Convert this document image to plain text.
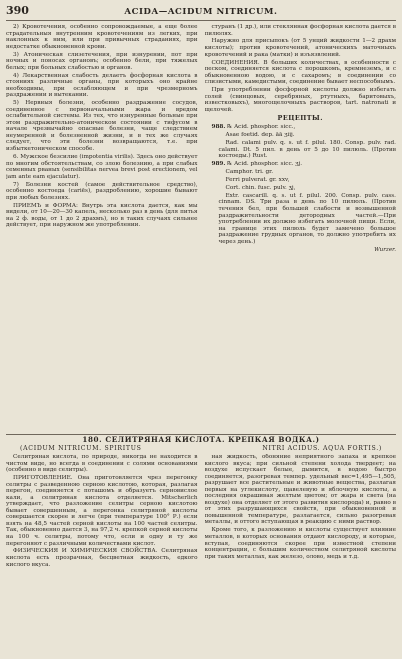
390	ACIDA—ACIDUM NITRICUM.

2) Кровотечения, особенно сопровождаемые, а еще более страдательныя внутренним кровотечениям из легких, при наклонных к ним, или при привычных страданиях, при недостатке обыкновенной крови.

3) Атоническая слизетечения, при изнурении, пот при ночных и поносах органовъ; особенно бели, при тяжелых белых; при больных слабостью и органов.

4) Лекарственная слабость делаетъ фосфорная кислота в стояниях различные органы, при которыхъ оно крайне необходимы, при ослабляющем и при чрезмерномъ раздражении и вытекании.

5) Нервныя болезни, особенно раздражение сосудов, соединенное с первоначальными жара и вредом ослабительной системы. Из тех, что изнуренные больные при этом раздражительно-атоническом состоянии с тифусом в начале чрезвычайно опасные болезни, чаще следствием неумеренной и болезненной жизни, и в тех же случаях следует, что эти болезни возвращаются, т.е. при избыткетоническом способе.

6. Мужское безсилие (impotentia virilis). Здесь оно действует по многим обстоятельствам, со злою болезнию, а при слабых семенных рваных (sensibilitas nervea brevi post erectionem, vel jam ante eam ejaculatur).

7) Болезни костей (самое действительное средство), особенно костоеда (cariēs), раздроблению, хорошие бывают при любых болезнях.

ПРИЕМЪ и ФОРМА: Внутрь эта кислота дается, как мы видели, от 10—20—30 капель, несколько раз в день (для питья на 2 ф. воды, от 1 до 2 драхмъ), но в таких случаях сильнее действует, при наружном же употреблении.

стуранъ (1 др.), или стеклянная фосфорная кислота дается в пилюлях.

Наружно для присыпокъ (от 5 унций жидкости 1—2 драхм кислоты); против кровотечений, атоническихъ маточныхъ кровотечений и рака (матки) и изъязвлений.

СОЕДИНЕНИЯ. В больших количествах, в особенности с песком, соединяется кислота с порошкомъ, кремнеземъ, и с обыкновенною водою, и с сахаромъ; в соединении со слизистыми, камедистыми, соединение бывает неспособнымъ.

При употреблении фосфорной кислоты должно избегать солей (свинцовых, серебряных, ртутныхъ, баритовыхъ, известковыхъ), многощелочныхъ растворов, tart. natronati и щелочей.

РЕЦЕПТЫ.

988. ℞ Acid. phosphor. sicc.,

Asae foetid. dep. āā ʒiij.

Rad. calami pulv. q. s. ut f. pilul. 180. Consp. pulv. rad. calami. Dt. 5 пил. в день от 5 до 10 пилюль. (Против костоеды.) Rust.

989. ℞ Acid. phosphor. sicc. ʒj.

Camphor. tri. gr.

Ferri pulverat. gr. xxv,

Cort. chin. fusc. pulv. ʒj,

Extr. cascarill. q. s. ut f. pilul. 200. Consp. pulv. cass. cinnam. DS. Три раза в день по 10 пилюль. (Против течения бел, при большей слабости и возвышенной раздражительности детородных частей.—При употреблении их должно избегать молочной пищи. Если, на границе этих пилюль будет замечено большое раздражение грудных органов, то должно употребить их через день.)

Wurzer.
180. СЕЛИТРЯНАЯ КИСЛОТА. КРЕПКАЯ ВОДКА.)
(ACIDUM NITRICUM. SPIRITUS	NITRI ACIDUS. AQUA FORTIS.)

Селитряная кислота, по природе, никогда не находится в чистом виде, но всегда в соединении с солями основаниями (особенно в виде селитры).

ПРИГОТОВЛЕНИЕ. Она приготовляется чрез перегонку селитры с разведенною серною кислотою, которая, разлагая перегон, соединяется с поташомъ и образуетъ серновислое кали, а селитряная кислота отделяется. Mitscherlich утверждает, что разложение селитры серною кислотою бывает совершенным, а перегонка селитряной кислоты совершается скорее и легче (при температуре 100° Р.) если взять на 48,5 частей серной кислоты на 100 частей селитры. Так, обыкновенно дается 3, на 97,2 ч. крепкой серной кислоты на 100 ч. селитры, потому что, если и одну и ту же перегоняют с различными количествами кислот.

ФИЗИЧЕСКИЯ И ХИМИЧЕСКИЯ СВОЙСТВА. Селитряная кислота есть прозрачная, бесцветная жидкость, едкого кислого вкуса.

ная жидкость, обоняние неприятного запаха и крепкое кислого вкуса; при сильной степени холода твердеет; на воздухе испускает белые, дымится, в водою быстро соединяется, разогревая темпер. удельный вес=1,495—1,505, разрушает все растительные и животные вещества, разлагая первыя на углекислоту, щавелевую и яблочную кислоты, а последния окрашивая желтым цветом; от жара и света (на воздухе) она отделяет от этого развития кислорода) и, равно в от этих разрушающихся свойств, при обыкновенной и повышенной температуре, разлагается, сильно разогревая металлы, и оттого вступающая в реакцию с ними раствор.

Кроме того, к разложению и кислоты существует влияние металлов, в которых основания отдают кислороду, и которые, вступая, соединяются скорее при известной степени концентрации, с большим количеством селитряной кислоты при таких металлах, как железо, олово, медь и т.д.
